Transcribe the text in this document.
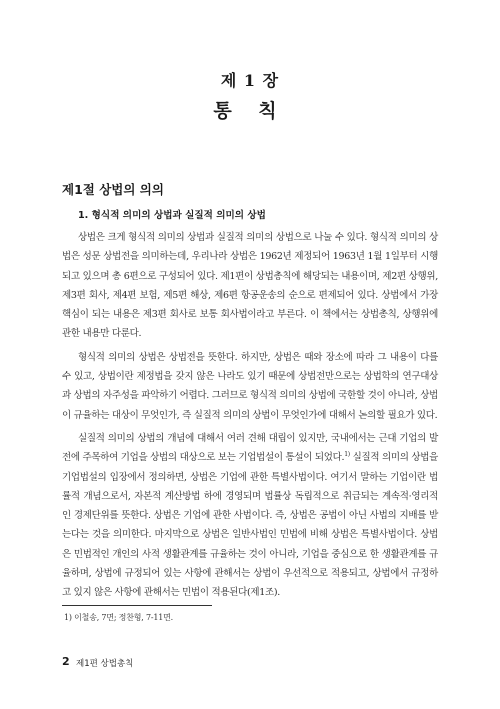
제 1 장
통 칙
제1절 상법의 의의
1. 형식적 의미의 상법과 실질적 의미의 상법

상법은 크게 형식적 의미의 상법과 실질적 의미의 상법으로 나눌 수 있다. 형식적 의미의 상법은 성문 상법전을 의미하는데, 우리나라 상법은 1962년 제정되어 1963년 1월 1일부터 시행되고 있으며 총 6편으로 구성되어 있다. 제1편이 상법총칙에 해당되는 내용이며, 제2편 상행위, 제3편 회사, 제4편 보험, 제5편 해상, 제6편 항공운송의 순으로 편제되어 있다. 상법에서 가장 핵심이 되는 내용은 제3편 회사로 보통 회사법이라고 부른다. 이 책에서는 상법총칙, 상행위에 관한 내용만 다룬다.

형식적 의미의 상법은 상법전을 뜻한다. 하지만, 상법은 때와 장소에 따라 그 내용이 다를 수 있고, 상법이란 제정법을 갖지 않은 나라도 있기 때문에 상법전만으로는 상법학의 연구대상과 상법의 자주성을 파악하기 어렵다. 그러므로 형식적 의미의 상법에 국한할 것이 아니라, 상법이 규율하는 대상이 무엇인가, 즉 실질적 의미의 상법이 무엇인가에 대해서 논의할 필요가 있다.

실질적 의미의 상법의 개념에 대해서 여러 견해 대립이 있지만, 국내에서는 근대 기업의 발전에 주목하여 기업을 상법의 대상으로 보는 기업법설이 통설이 되었다.$^{1)}$ 실질적 의미의 상법을 기업법설의 입장에서 정의하면, 상법은 기업에 관한 특별사법이다. 여기서 말하는 기업이란 법률적 개념으로서, 자본적 계산방법 하에 경영되며 법률상 독립적으로 취급되는 계속적·영리적인 경제단위를 뜻한다. 상법은 기업에 관한 사법이다. 즉, 상법은 공법이 아닌 사법의 지배를 받는다는 것을 의미한다. 마지막으로 상법은 일반사법인 민법에 비해 상법은 특별사법이다. 상법은 민법적인 개인의 사적 생활관계를 규율하는 것이 아니라, 기업을 중심으로 한 생활관계를 규율하며, 상법에 규정되어 있는 사항에 관해서는 상법이 우선적으로 적용되고, 상법에서 규정하고 있지 않은 사항에 관해서는 민법이 적용된다(제1조).

1) 이철송, 7면; 정찬형, 7-11면.
2 제1편 상법총칙
